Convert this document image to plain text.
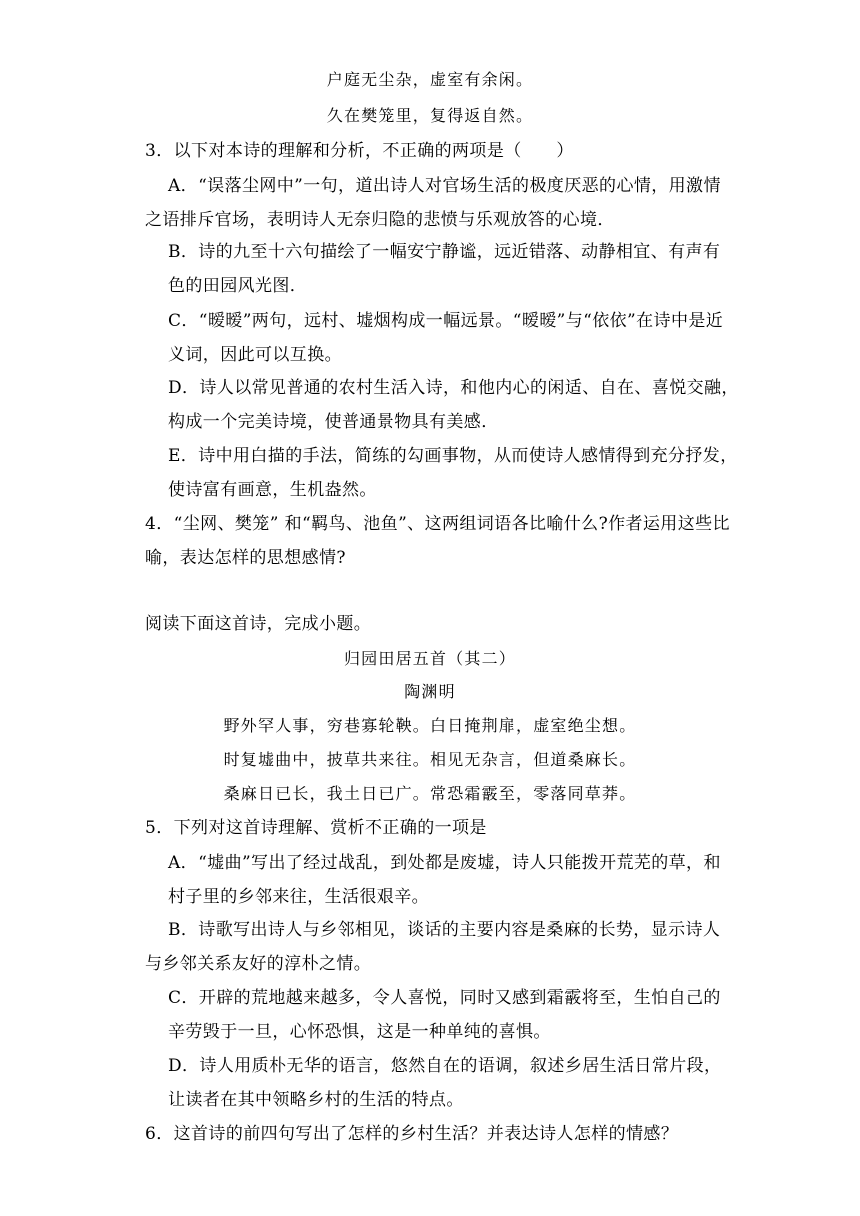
户庭无尘杂，虚室有余闲。
久在樊笼里，复得返自然。
3．以下对本诗的理解和分析，不正确的两项是（　　）
A．“误落尘网中”一句，道出诗人对官场生活的极度厌恶的心情，用激情
之语排斥官场，表明诗人无奈归隐的悲愤与乐观放答的心境．
B．诗的九至十六句描绘了一幅安宁静谧，远近错落、动静相宜、有声有
色的田园风光图．
C．“暧暧”两句，远村、墟烟构成一幅远景。“暧暧”与“依依”在诗中是近
义词，因此可以互换。
D．诗人以常见普通的农村生活入诗，和他内心的闲适、自在、喜悦交融，
构成一个完美诗境，使普通景物具有美感．
E．诗中用白描的手法，简练的勾画事物，从而使诗人感情得到充分抒发，
使诗富有画意，生机盎然。
4．“尘网、樊笼” 和“羁鸟、池鱼”、这两组词语各比喻什么?作者运用这些比
喻，表达怎样的思想感情?
阅读下面这首诗，完成小题。
归园田居五首（其二）
陶渊明
野外罕人事，穷巷寡轮鞅。白日掩荆扉，虚室绝尘想。
时复墟曲中，披草共来往。相见无杂言，但道桑麻长。
桑麻日已长，我土日已广。常恐霜霰至，零落同草莽。
5．下列对这首诗理解、赏析不正确的一项是
A．“墟曲”写出了经过战乱，到处都是废墟，诗人只能拨开荒芜的草，和
村子里的乡邻来往，生活很艰辛。
B．诗歌写出诗人与乡邻相见，谈话的主要内容是桑麻的长势，显示诗人
与乡邻关系友好的淳朴之情。
C．开辟的荒地越来越多，令人喜悦，同时又感到霜霰将至，生怕自己的
辛劳毁于一旦，心怀恐惧，这是一种单纯的喜惧。
D．诗人用质朴无华的语言，悠然自在的语调，叙述乡居生活日常片段，
让读者在其中领略乡村的生活的特点。
6．这首诗的前四句写出了怎样的乡村生活？并表达诗人怎样的情感？
